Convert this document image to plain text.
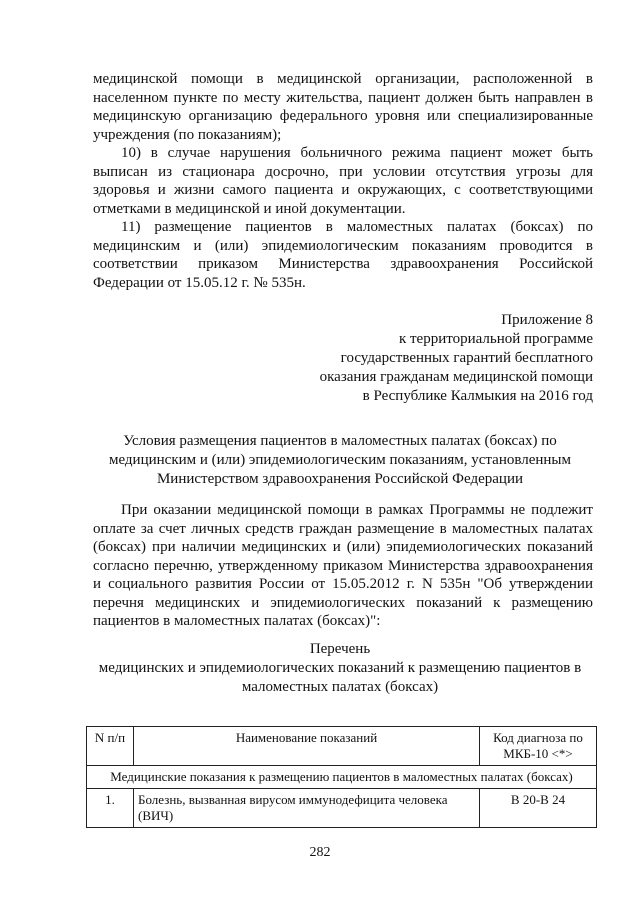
медицинской помощи в медицинской организации, расположенной в
населенном пункте по месту жительства, пациент должен быть направлен в
медицинскую организацию федерального уровня или специализированные
учреждения (по показаниям);
10) в случае нарушения больничного режима пациент может быть
выписан из стационара досрочно, при условии отсутствия угрозы для
здоровья и жизни самого пациента и окружающих, с соответствующими
отметками в медицинской и иной документации.
11) размещение пациентов в маломестных палатах (боксах) по
медицинским и (или) эпидемиологическим показаниям проводится в
соответствии приказом Министерства здравоохранения Российской
Федерации от 15.05.12 г. № 535н.
Приложение 8
к территориальной программе
государственных гарантий бесплатного
оказания гражданам медицинской помощи
в Республике Калмыкия на 2016 год
Условия размещения пациентов в маломестных палатах (боксах) по
медицинским и (или) эпидемиологическим показаниям, установленным
Министерством здравоохранения Российской Федерации
При оказании медицинской помощи в рамках Программы не подлежит
оплате за счет личных средств граждан размещение в маломестных палатах
(боксах) при наличии медицинских и (или) эпидемиологических показаний
согласно перечню, утвержденному приказом Министерства здравоохранения
и социального развития России от 15.05.2012 г. N 535н "Об утверждении
перечня медицинских и эпидемиологических показаний к размещению
пациентов в маломестных палатах (боксах)":
Перечень
медицинских и эпидемиологических показаний к размещению пациентов в
маломестных палатах (боксах)
N п/п	Наименование показаний	Код диагноза по МКБ-10 <*>
Медицинские показания к размещению пациентов в маломестных палатах (боксах)		
1.	Болезнь, вызванная вирусом иммунодефицита человека (ВИЧ)	B 20-B 24
282
